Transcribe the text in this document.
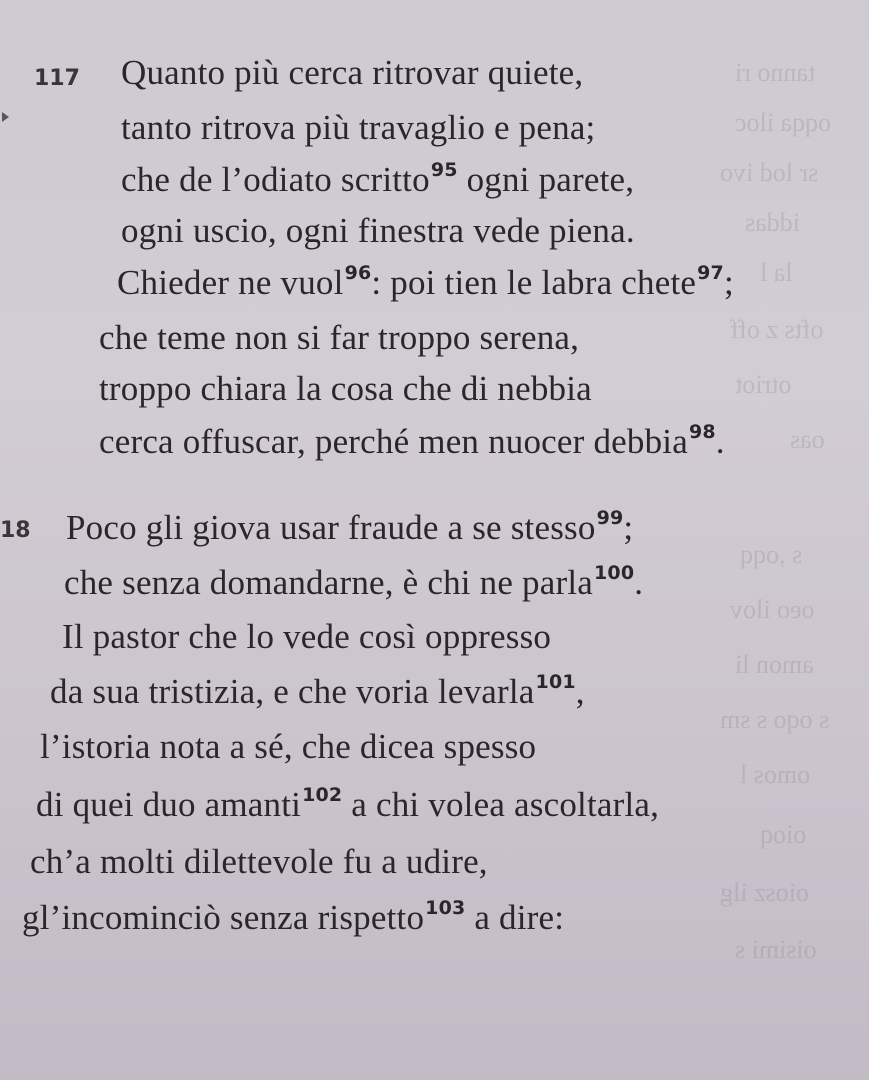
tanno ri
oqqa iloc
sr lod ivo
iddas
la l
ofts z off
otriot
oas
s ,oqq
oeo ilov
amon li
s oqo s sm
omos l
oioq
oiosz ilg
oisimi s
117 Quanto più cerca ritrovar quiete,
tanto ritrova più travaglio e pena;
che de l’odiato scritto$^{95}$ ogni parete,
ogni uscio, ogni finestra vede piena.
Chieder ne vuol$^{96}$: poi tien le labra chete$^{97}$;
che teme non si far troppo serena,
troppo chiara la cosa che di nebbia
cerca offuscar, perché men nuocer debbia$^{98}$.
18 Poco gli giova usar fraude a se stesso$^{99}$;
che senza domandarne, è chi ne parla$^{100}$.
Il pastor che lo vede così oppresso
da sua tristizia, e che voria levarla$^{101}$,
l’istoria nota a sé, che dicea spesso
di quei duo amanti$^{102}$ a chi volea ascoltarla,
ch’a molti dilettevole fu a udire,
gl’incominciò senza rispetto$^{103}$ a dire:
